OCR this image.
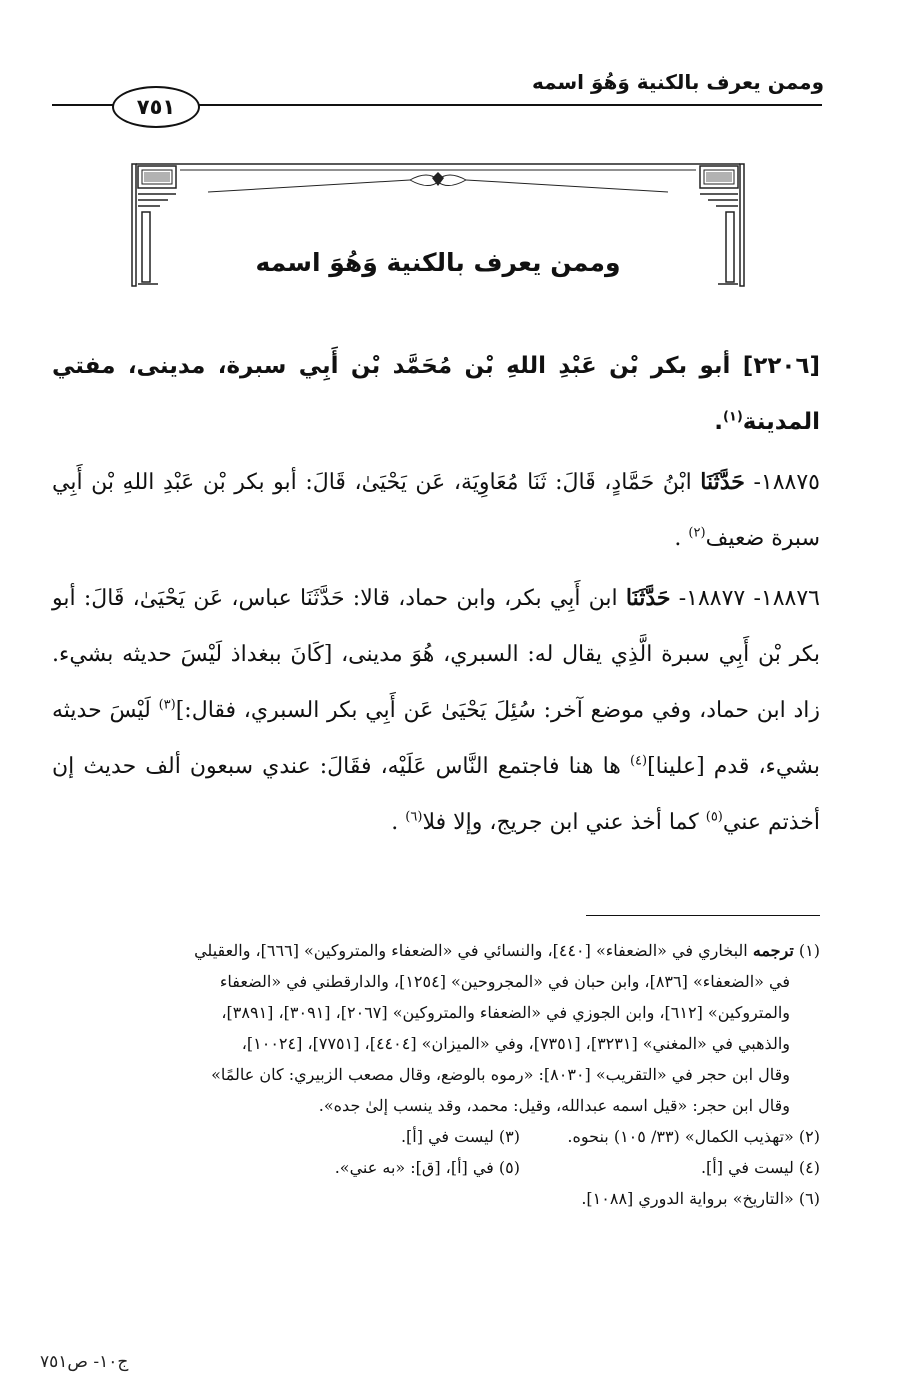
وممن يعرف بالكنية وَهُوَ اسمه
٧٥١
وممن يعرف بالكنية وَهُوَ اسمه
[٢٢٠٦] أبو بكر بْن عَبْدِ اللهِ بْن مُحَمَّد بْن أَبِي سبرة، مدينى، مفتي المدينة$^{(١)}$.
١٨٨٧٥- حَدَّثَنَا ابْنُ حَمَّادٍ، قَالَ: ثَنَا مُعَاوِيَة، عَن يَحْيَىٰ، قَالَ: أبو بكر بْن عَبْدِ اللهِ بْن أَبِي سبرة ضعيف$^{(٢)}$ .
١٨٨٧٦- ١٨٨٧٧- حَدَّثَنَا ابن أَبِي بكر، وابن حماد، قالا: حَدَّثَنَا عباس، عَن يَحْيَىٰ، قَالَ: أبو بكر بْن أَبِي سبرة الَّذِي يقال له: السبري، هُوَ مدينى، [كَانَ ببغداذ لَيْسَ حديثه بشيء. زاد ابن حماد، وفي موضع آخر: سُئِلَ يَحْيَىٰ عَن أَبِي بكر السبري، فقال:]$^{(٣)}$ لَيْسَ حديثه بشيء، قدم [علينا]$^{(٤)}$ ها هنا فاجتمع النَّاس عَلَيْه، فقَالَ: عندي سبعون ألف حديث إن أخذتم عني$^{(٥)}$ كما أخذ عني ابن جريج، وإلا فلا$^{(٦)}$ .
(١) ترجمه البخاري في «الضعفاء» [٤٤٠]، والنسائي في «الضعفاء والمتروكين» [٦٦٦]، والعقيلي
في «الضعفاء» [٨٣٦]، وابن حبان في «المجروحين» [١٢٥٤]، والدارقطني في «الضعفاء
والمتروكين» [٦١٢]، وابن الجوزي في «الضعفاء والمتروكين» [٢٠٦٧]، [٣٠٩١]، [٣٨٩١]،
والذهبي في «المغني» [٣٢٣١]، [٧٣٥١]، وفي «الميزان» [٤٤٠٤]، [٧٧٥١]، [١٠٠٢٤]،
وقال ابن حجر في «التقريب» [٨٠٣٠]: «رموه بالوضع، وقال مصعب الزبيري: كان عالمًا»
وقال ابن حجر: «قيل اسمه عبدالله، وقيل: محمد، وقد ينسب إلىٰ جده».
(٢) «تهذيب الكمال» (٣٣/ ١٠٥) بنحوه.
(٣) ليست في [أ].
(٤) ليست في [أ].
(٥) في [أ]، [ق]: «به عني».
(٦) «التاريخ» برواية الدوري [١٠٨٨].
ج١٠- ص٧٥١
